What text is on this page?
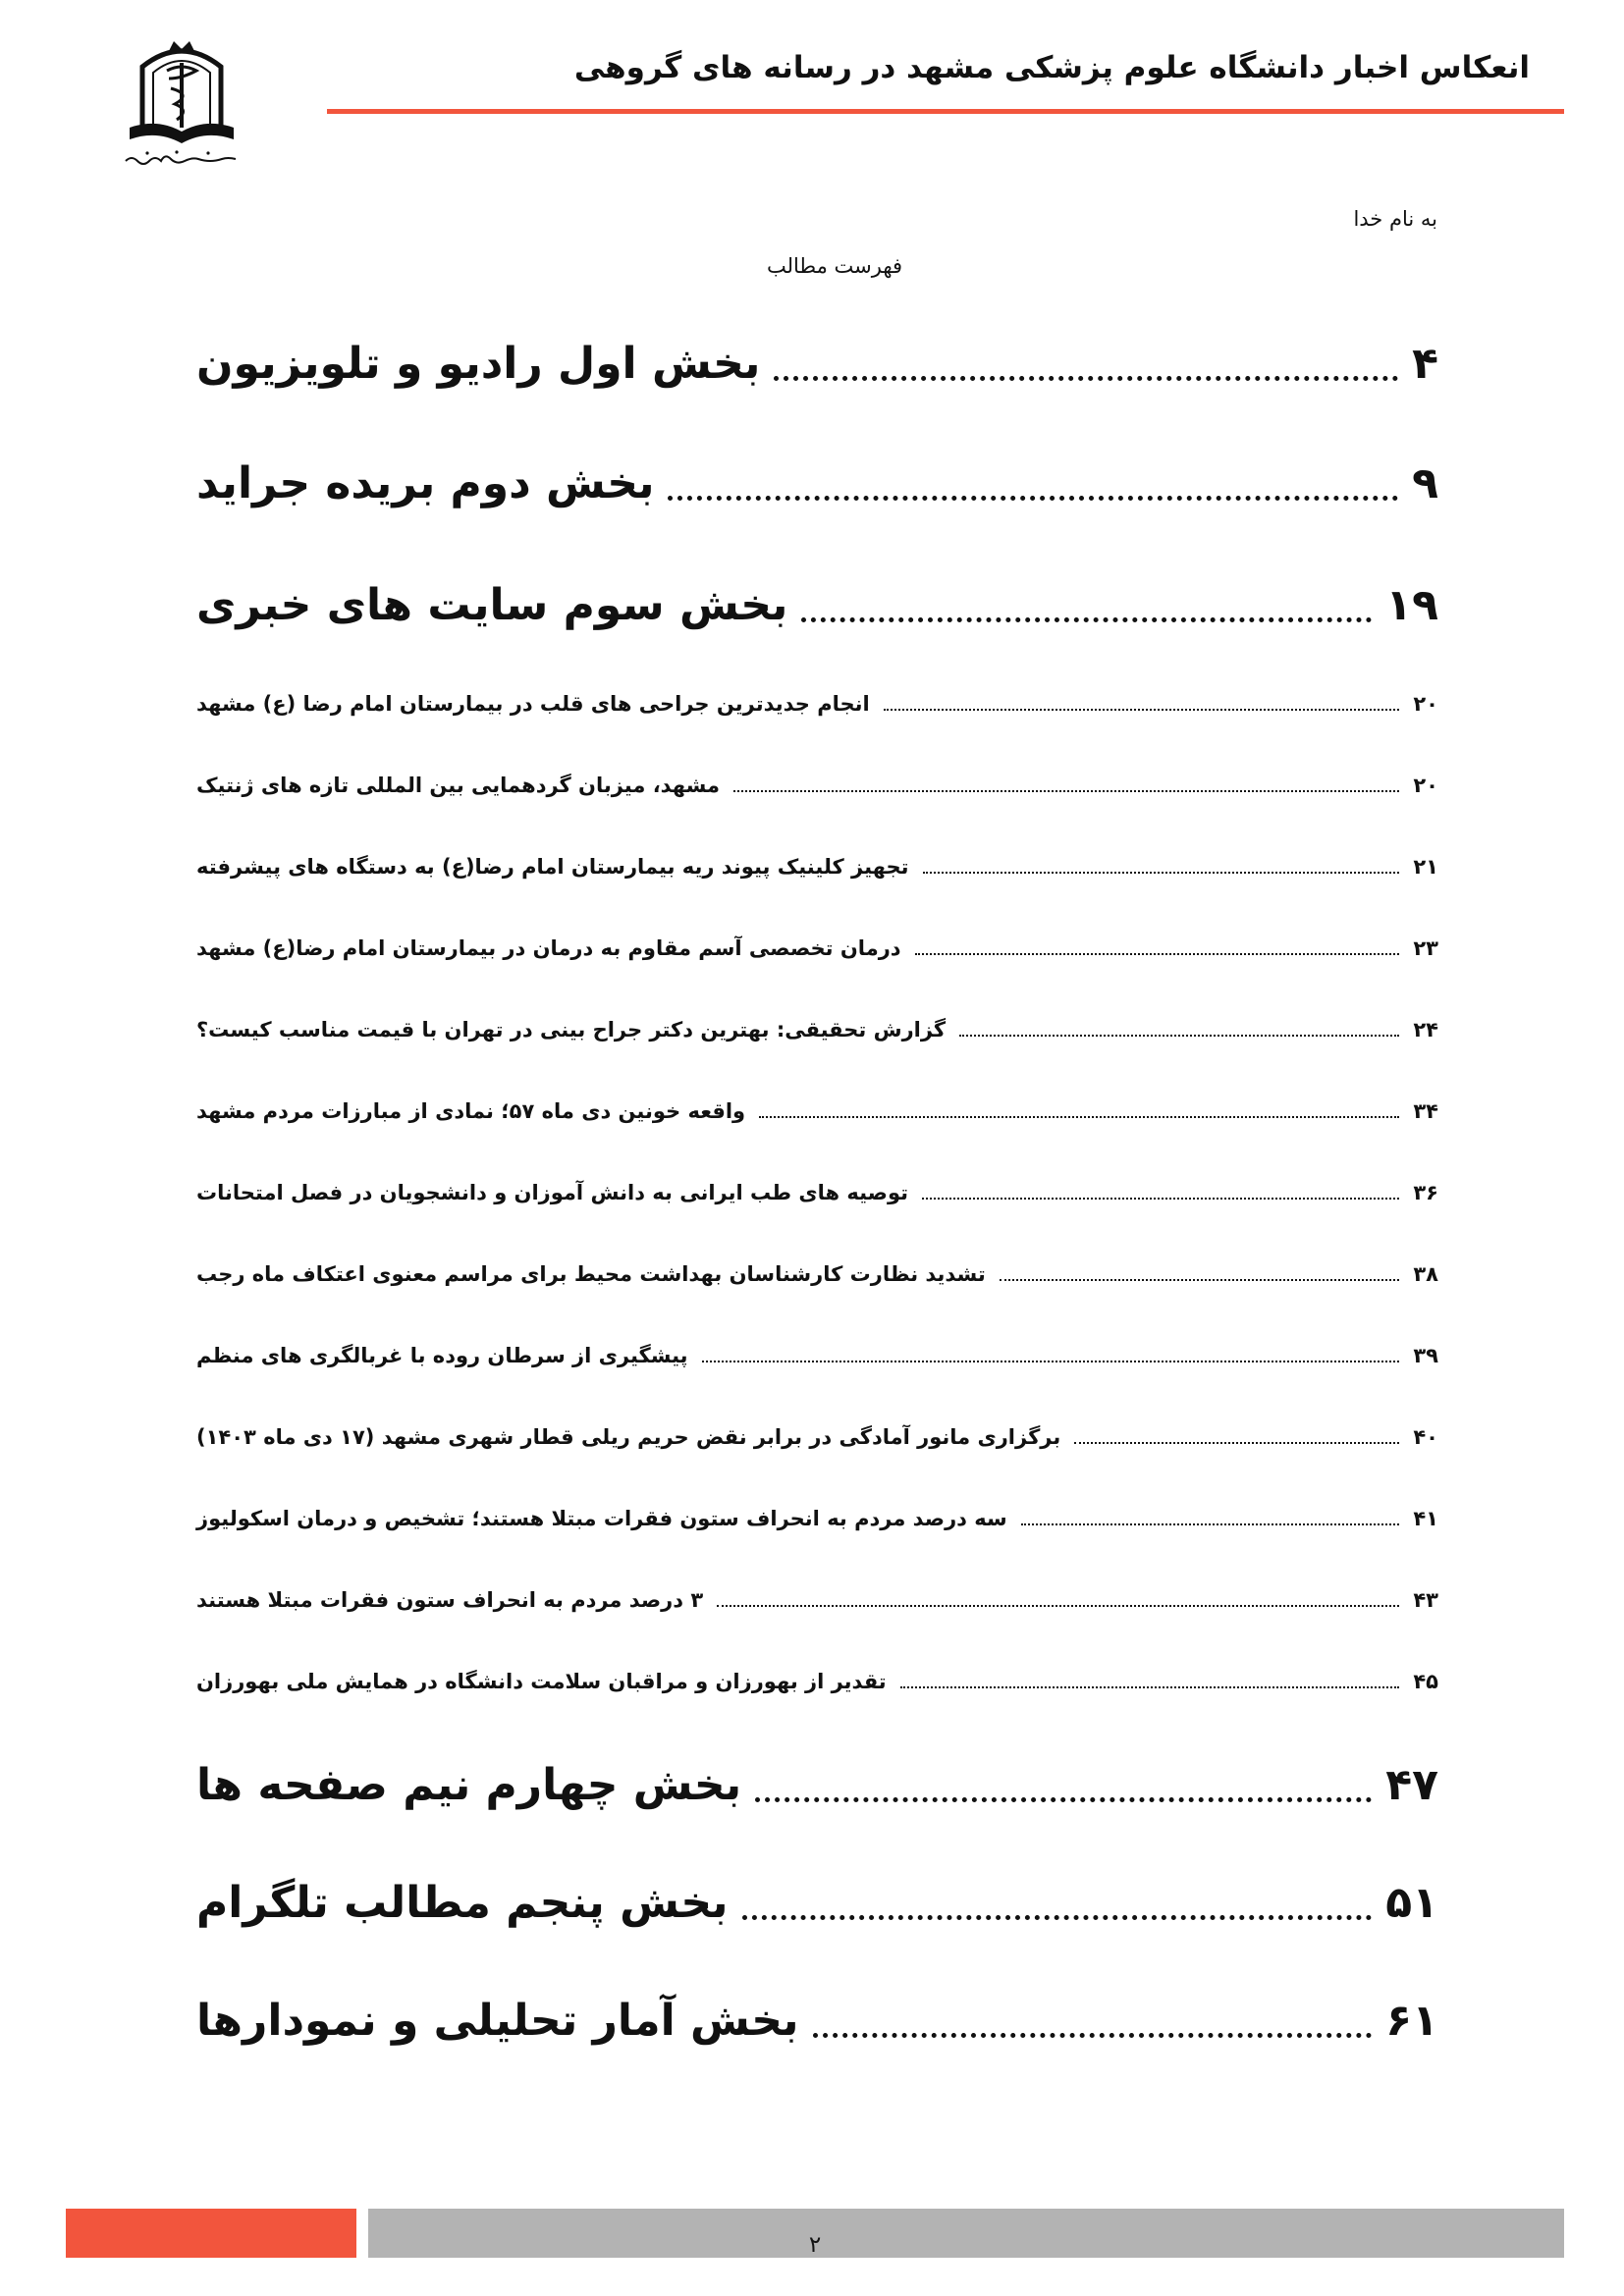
انعکاس اخبار دانشگاه علوم پزشکی مشهد در رسانه های گروهی
به نام خدا
فهرست مطالب
بخش اول رادیو و تلویزیون	۴
بخش دوم بریده جراید	۹
بخش سوم سایت های خبری	۱۹
انجام جدیدترین جراحی های قلب در بیمارستان امام رضا (ع) مشهد	۲۰
مشهد، میزبان گردهمایی بین المللی تازه های ژنتیک	۲۰
تجهیز کلینیک پیوند ریه بیمارستان امام رضا(ع) به دستگاه های پیشرفته	۲۱
درمان تخصصی آسم مقاوم به درمان در بیمارستان امام رضا(ع) مشهد	۲۳
گزارش تحقیقی: بهترین دکتر جراح بینی در تهران با قیمت مناسب کیست؟	۲۴
واقعه خونین دی ماه ۵۷؛ نمادی از مبارزات مردم مشهد	۳۴
توصیه های طب ایرانی به دانش آموزان و دانشجویان در فصل امتحانات	۳۶
تشدید نظارت کارشناسان بهداشت محیط برای مراسم معنوی اعتکاف ماه رجب	۳۸
پیشگیری از سرطان روده با غربالگری های منظم	۳۹
برگزاری مانور آمادگی در برابر نقض حریم ریلی قطار شهری مشهد (۱۷ دی ماه ۱۴۰۳)	۴۰
سه درصد مردم به انحراف ستون فقرات مبتلا هستند؛ تشخیص و درمان اسکولیوز	۴۱
۳ درصد مردم به انحراف ستون فقرات مبتلا هستند	۴۳
تقدیر از بهورزان و مراقبان سلامت دانشگاه در همایش ملی بهورزان	۴۵
بخش چهارم نیم صفحه ها	۴۷
بخش پنجم مطالب تلگرام	۵۱
بخش آمار تحلیلی و نمودارها	۶۱
۲
